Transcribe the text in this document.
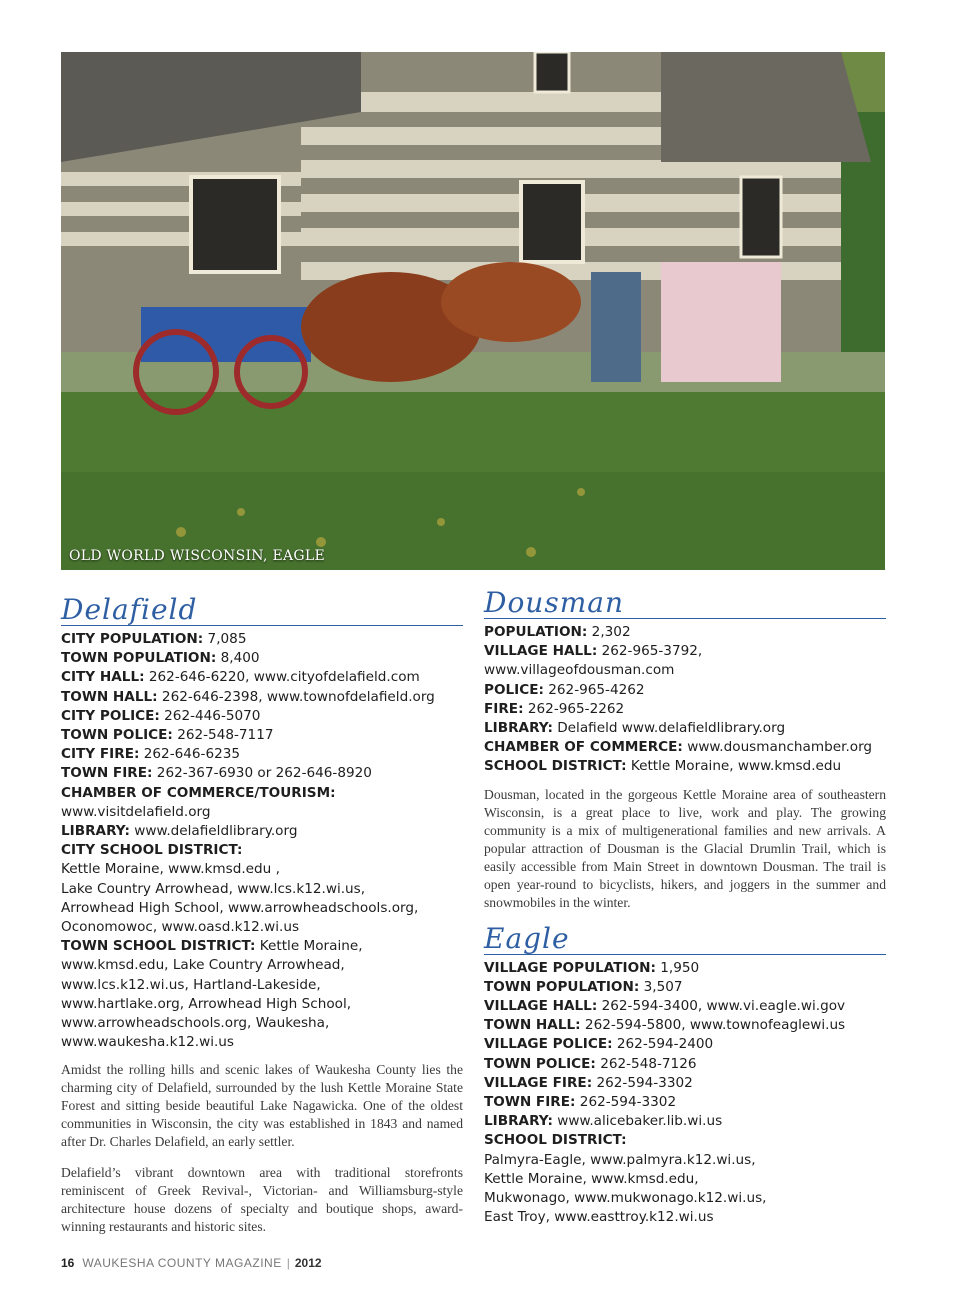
OLD WORLD WISCONSIN, EAGLE
Delafield
CITY POPULATION: 7,085
TOWN POPULATION: 8,400
CITY HALL: 262-646-6220, www.cityofdelafield.com
TOWN HALL: 262-646-2398, www.townofdelafield.org
CITY POLICE: 262-446-5070
TOWN POLICE: 262-548-7117
CITY FIRE: 262-646-6235
TOWN FIRE: 262-367-6930 or 262-646-8920
CHAMBER OF COMMERCE/TOURISM:
www.visitdelafield.org
LIBRARY: www.delafieldlibrary.org
CITY SCHOOL DISTRICT:
Kettle Moraine, www.kmsd.edu ,
Lake Country Arrowhead, www.lcs.k12.wi.us,
Arrowhead High School, www.arrowheadschools.org,
Oconomowoc, www.oasd.k12.wi.us
TOWN SCHOOL DISTRICT: Kettle Moraine,
www.kmsd.edu, Lake Country Arrowhead,
www.lcs.k12.wi.us, Hartland-Lakeside,
www.hartlake.org, Arrowhead High School,
www.arrowheadschools.org, Waukesha,
www.waukesha.k12.wi.us

Amidst the rolling hills and scenic lakes of Waukesha County lies the charming city of Delafield, surrounded by the lush Kettle Moraine State Forest and sitting beside beautiful Lake Nagawicka. One of the oldest communities in Wisconsin, the city was established in 1843 and named after Dr. Charles Delafield, an early settler.

Delafield’s vibrant downtown area with traditional storefronts reminiscent of Greek Revival-, Victorian- and Williamsburg-style architecture house dozens of specialty and boutique shops, award-winning restaurants and historic sites.

Dousman
POPULATION: 2,302
VILLAGE HALL: 262-965-3792,
www.villageofdousman.com
POLICE: 262-965-4262
FIRE: 262-965-2262
LIBRARY: Delafield www.delafieldlibrary.org
CHAMBER OF COMMERCE: www.dousmanchamber.org
SCHOOL DISTRICT: Kettle Moraine, www.kmsd.edu

Dousman, located in the gorgeous Kettle Moraine area of southeastern Wisconsin, is a great place to live, work and play. The growing community is a mix of multigenerational families and new arrivals. A popular attraction of Dousman is the Glacial Drumlin Trail, which is easily accessible from Main Street in downtown Dousman. The trail is open year-round to bicyclists, hikers, and joggers in the summer and snowmobiles in the winter.

Eagle
VILLAGE POPULATION: 1,950
TOWN POPULATION: 3,507
VILLAGE HALL: 262-594-3400, www.vi.eagle.wi.gov
TOWN HALL: 262-594-5800, www.townofeaglewi.us
VILLAGE POLICE: 262-594-2400
TOWN POLICE: 262-548-7126
VILLAGE FIRE: 262-594-3302
TOWN FIRE: 262-594-3302
LIBRARY: www.alicebaker.lib.wi.us
SCHOOL DISTRICT:
Palmyra-Eagle, www.palmyra.k12.wi.us,
Kettle Moraine, www.kmsd.edu,
Mukwonago, www.mukwonago.k12.wi.us,
East Troy, www.easttroy.k12.wi.us
16 WAUKESHA COUNTY MAGAZINE | 2012
